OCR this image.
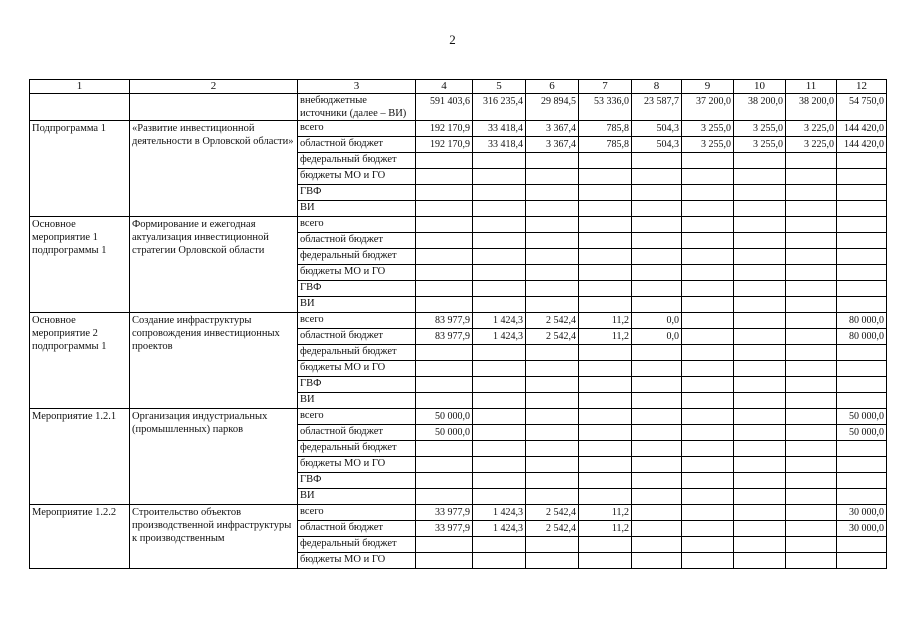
2
1	2	3	4	5	6	7	8	9	10	11	12
		внебюджетные источники (далее – ВИ)	591 403,6	316 235,4	29 894,5	53 336,0	23 587,7	37 200,0	38 200,0	38 200,0	54 750,0
Подпрограмма 1	«Развитие инвестиционной деятельности в Орловской области»	всего	192 170,9	33 418,4	3 367,4	785,8	504,3	3 255,0	3 255,0	3 225,0	144 420,0
		областной бюджет	192 170,9	33 418,4	3 367,4	785,8	504,3	3 255,0	3 255,0	3 225,0	144 420,0
		федеральный бюджет									
		бюджеты МО и ГО									
		ГВФ									
		ВИ									
Основное мероприятие 1 подпрограммы 1	Формирование и ежегодная актуализация инвестиционной стратегии Орловской области	всего									
		областной бюджет									
		федеральный бюджет									
		бюджеты МО и ГО									
		ГВФ									
		ВИ									
Основное мероприятие 2 подпрограммы 1	Создание инфраструктуры сопровождения инвестиционных проектов	всего	83 977,9	1 424,3	2 542,4	11,2	0,0				80 000,0
		областной бюджет	83 977,9	1 424,3	2 542,4	11,2	0,0				80 000,0
		федеральный бюджет									
		бюджеты МО и ГО									
		ГВФ									
		ВИ									
Мероприятие 1.2.1	Организация индустриальных (промышленных) парков	всего	50 000,0								50 000,0
		областной бюджет	50 000,0								50 000,0
		федеральный бюджет									
		бюджеты МО и ГО									
		ГВФ									
		ВИ									
Мероприятие 1.2.2	Строительство объектов производственной инфраструктуры к производственным	всего	33 977,9	1 424,3	2 542,4	11,2					30 000,0
		областной бюджет	33 977,9	1 424,3	2 542,4	11,2					30 000,0
		федеральный бюджет									
		бюджеты МО и ГО									
